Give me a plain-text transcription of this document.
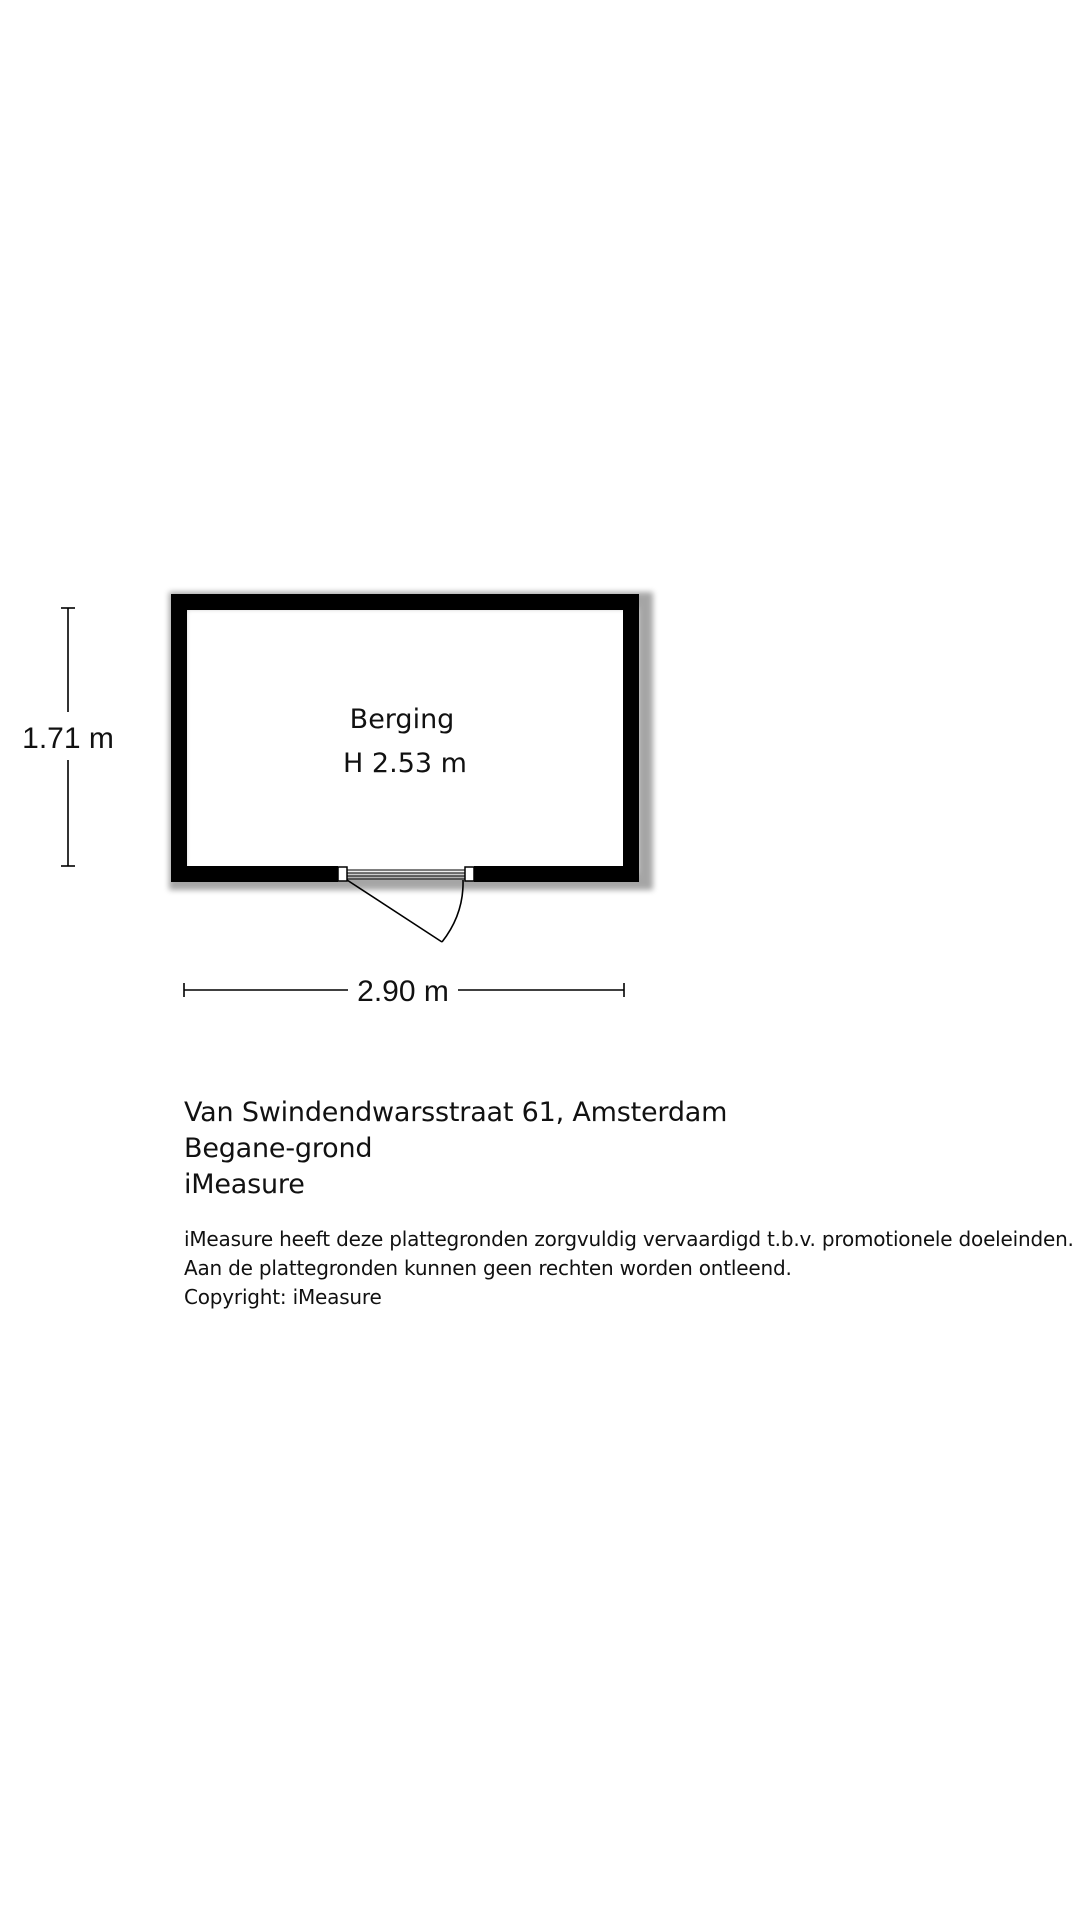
Berging
H 2.53 m
1.71 m
2.90 m
Van Swindendwarsstraat 61, Amsterdam
Begane-grond
iMeasure
iMeasure heeft deze plattegronden zorgvuldig vervaardigd t.b.v. promotionele doeleinden.
Aan de plattegronden kunnen geen rechten worden ontleend.
Copyright: iMeasure
